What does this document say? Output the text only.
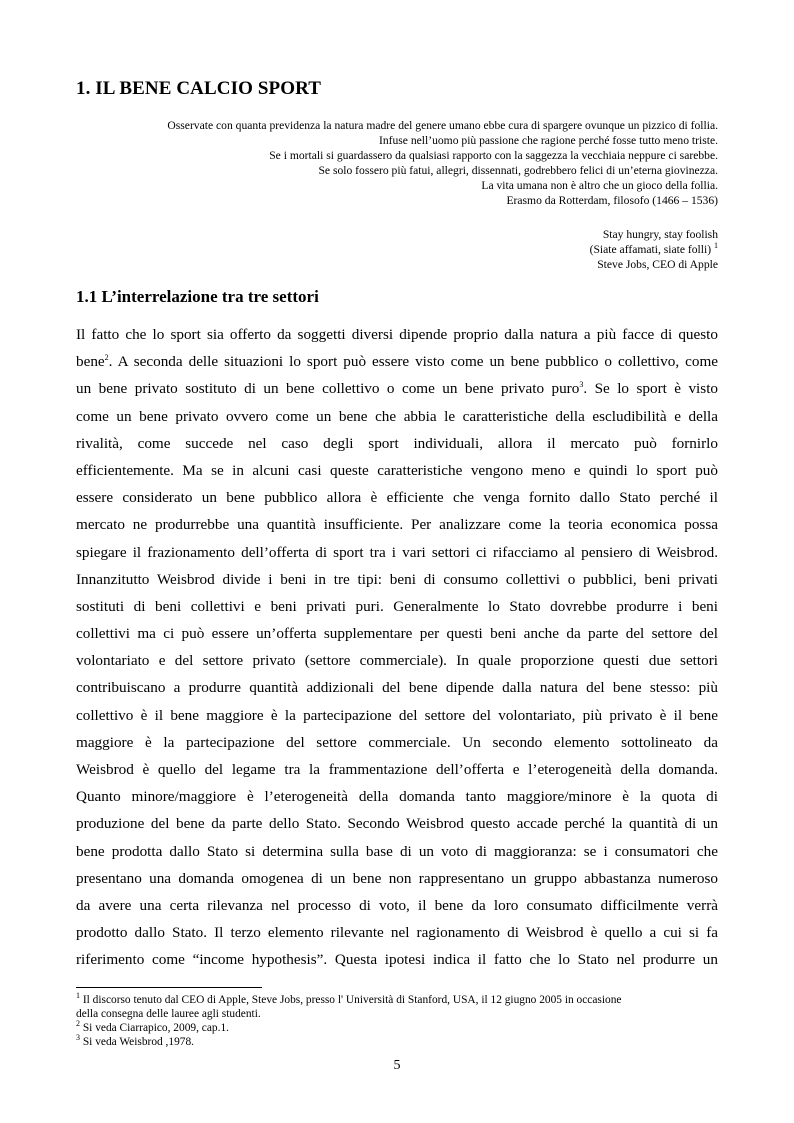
1. IL BENE CALCIO SPORT
Osservate con quanta previdenza la natura madre del genere umano ebbe cura di spargere ovunque un pizzico di follia.
Infuse nell’uomo più passione che ragione perché fosse tutto meno triste.
Se i mortali si guardassero da qualsiasi rapporto con la saggezza la vecchiaia neppure ci sarebbe.
Se solo fossero più fatui, allegri, dissennati, godrebbero felici di un’eterna giovinezza.
La vita umana non è altro che un gioco della follia.
Erasmo da Rotterdam, filosofo (1466 – 1536)
Stay hungry, stay foolish
(Siate affamati, siate folli) $^1$
Steve Jobs, CEO di Apple
1.1 L’interrelazione tra tre settori
Il fatto che lo sport sia offerto da soggetti diversi dipende proprio dalla natura a più facce di questo
bene$^2$. A seconda delle situazioni lo sport può essere visto come un bene pubblico o collettivo, come
un bene privato sostituto di un bene collettivo o come un bene privato puro$^3$. Se lo sport è visto
come un bene privato ovvero come un bene che abbia le caratteristiche della escludibilità e della
rivalità, come succede nel caso degli sport individuali, allora il mercato può fornirlo
efficientemente. Ma se in alcuni casi queste caratteristiche vengono meno e quindi lo sport può
essere considerato un bene pubblico allora è efficiente che venga fornito dallo Stato perché il
mercato ne produrrebbe una quantità insufficiente. Per analizzare come la teoria economica possa
spiegare il frazionamento dell’offerta di sport tra i vari settori ci rifacciamo al pensiero di Weisbrod.
Innanzitutto Weisbrod divide i beni in tre tipi: beni di consumo collettivi o pubblici, beni privati
sostituti di beni collettivi e beni privati puri. Generalmente lo Stato dovrebbe produrre i beni
collettivi ma ci può essere un’offerta supplementare per questi beni anche da parte del settore del
volontariato e del settore privato (settore commerciale). In quale proporzione questi due settori
contribuiscano a produrre quantità addizionali del bene dipende dalla natura del bene stesso: più
collettivo è il bene maggiore è la partecipazione del settore del volontariato, più privato è il bene
maggiore è la partecipazione del settore commerciale. Un secondo elemento sottolineato da
Weisbrod è quello del legame tra la frammentazione dell’offerta e l’eterogeneità della domanda.
Quanto minore/maggiore è l’eterogeneità della domanda tanto maggiore/minore è la quota di
produzione del bene da parte dello Stato. Secondo Weisbrod questo accade perché la quantità di un
bene prodotta dallo Stato si determina sulla base di un voto di maggioranza: se i consumatori che
presentano una domanda omogenea di un bene non rappresentano un gruppo abbastanza numeroso
da avere una certa rilevanza nel processo di voto, il bene da loro consumato difficilmente verrà
prodotto dallo Stato. Il terzo elemento rilevante nel ragionamento di Weisbrod è quello a cui si fa
riferimento come “income hypothesis”. Questa ipotesi indica il fatto che lo Stato nel produrre un
$^1$ Il discorso tenuto dal CEO di Apple, Steve Jobs, presso l' Università di Stanford, USA, il 12 giugno 2005 in occasione
della consegna delle lauree agli studenti.
$^2$ Si veda Ciarrapico, 2009, cap.1.
$^3$ Si veda Weisbrod ,1978.
5
